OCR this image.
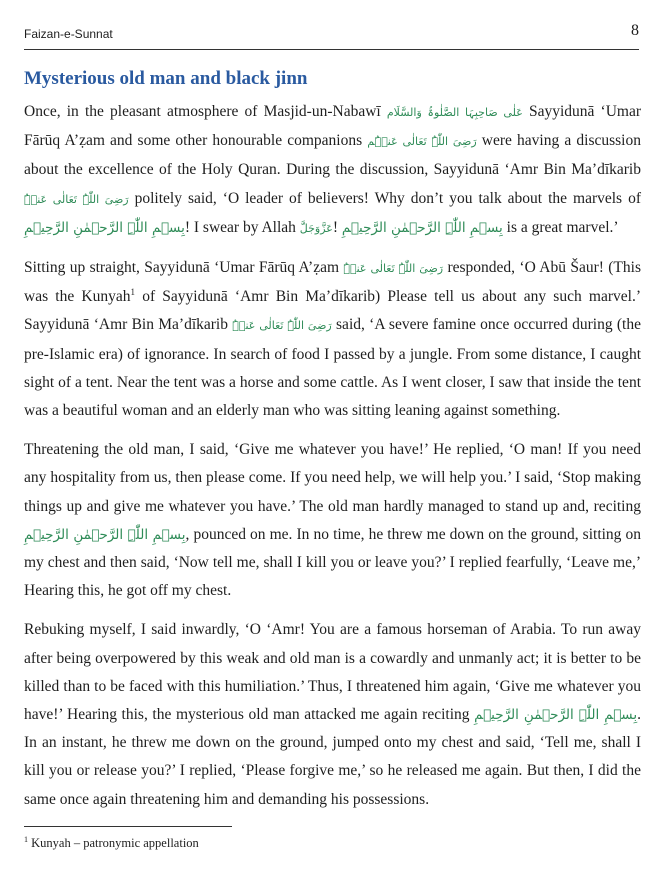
Faizan-e-Sunnat	8
Mysterious old man and black jinn

Once, in the pleasant atmosphere of Masjid-un-Nabawī عَلٰی صَاحِبِہَا الصَّلٰوۃُ وَالسَّلَام Sayyidunā ‘Umar Fārūq A’ẓam and some other honourable companions رَضِیَ اللّٰہُ تَعَالٰی عَنۡہُم were having a discussion about the excellence of the Holy Quran. During the discussion, Sayyidunā ‘Amr Bin Ma’dīkarib رَضِیَ اللّٰہُ تَعَالٰی عَنۡہُ politely said, ‘O leader of believers! Why don’t you talk about the marvels of بِسۡمِ اللّٰہِ الرَّحۡمٰنِ الرَّحِیۡمِ! I swear by Allah عَزَّوَجَلَّ! بِسۡمِ اللّٰہِ الرَّحۡمٰنِ الرَّحِیۡمِ is a great marvel.’

Sitting up straight, Sayyidunā ‘Umar Fārūq A’ẓam رَضِیَ اللّٰہُ تَعَالٰی عَنۡہُ responded, ‘O Abū Šaur! (This was the Kunyah$^1$ of Sayyidunā ‘Amr Bin Ma’dīkarib) Please tell us about any such marvel.’ Sayyidunā ‘Amr Bin Ma’dīkarib رَضِیَ اللّٰہُ تَعَالٰی عَنۡہُ said, ‘A severe famine once occurred during (the pre-Islamic era) of ignorance. In search of food I passed by a jungle. From some distance, I caught sight of a tent. Near the tent was a horse and some cattle. As I went closer, I saw that inside the tent was a beautiful woman and an elderly man who was sitting leaning against something.

Threatening the old man, I said, ‘Give me whatever you have!’ He replied, ‘O man! If you need any hospitality from us, then please come. If you need help, we will help you.’ I said, ‘Stop making things up and give me whatever you have.’ The old man hardly managed to stand up and, reciting بِسۡمِ اللّٰہِ الرَّحۡمٰنِ الرَّحِیۡمِ, pounced on me. In no time, he threw me down on the ground, sitting on my chest and then said, ‘Now tell me, shall I kill you or leave you?’ I replied fearfully, ‘Leave me,’ Hearing this, he got off my chest.

Rebuking myself, I said inwardly, ‘O ‘Amr! You are a famous horseman of Arabia. To run away after being overpowered by this weak and old man is a cowardly and unmanly act; it is better to be killed than to be faced with this humiliation.’ Thus, I threatened him again, ‘Give me whatever you have!’ Hearing this, the mysterious old man attacked me again reciting بِسۡمِ اللّٰہِ الرَّحۡمٰنِ الرَّحِیۡمِ. In an instant, he threw me down on the ground, jumped onto my chest and said, ‘Tell me, shall I kill you or release you?’ I replied, ‘Please forgive me,’ so he released me again. But then, I did the same once again threatening him and demanding his possessions.

$^1$ Kunyah – patronymic appellation
